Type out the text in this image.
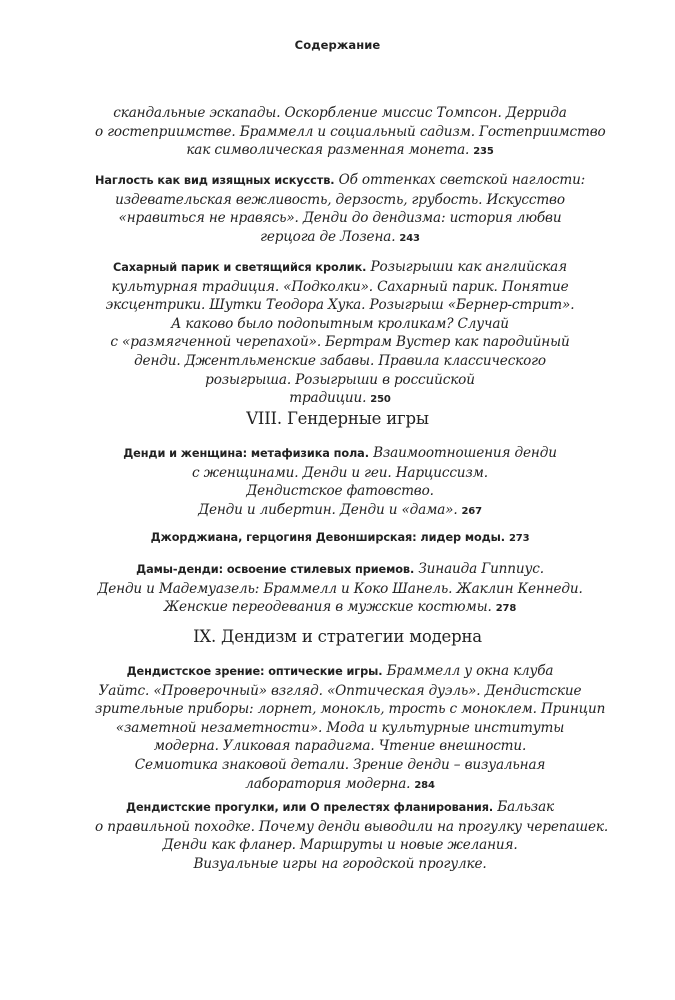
Содержание
скандальные эскапады. Оскорбление миссис Томпсон. Деррида
о гостеприимстве. Браммелл и социальный садизм. Гостеприимство
как символическая разменная монета. 235
Наглость как вид изящных искусств. Об оттенках светской наглости:
издевательская вежливость, дерзость, грубость. Искусство
«нравиться не нравясь». Денди до дендизма: история любви
герцога де Лозена. 243
Сахарный парик и светящийся кролик. Розыгрыши как английская
культурная традиция. «Подколки». Сахарный парик. Понятие
эксцентрики. Шутки Теодора Хука. Розыгрыш «Бернер-стрит».
А каково было подопытным кроликам? Случай
с «размягченной черепахой». Бертрам Вустер как пародийный
денди. Джентльменские забавы. Правила классического
розыгрыша. Розыгрыши в российской
традиции. 250
VIII. Гендерные игры
Денди и женщина: метафизика пола. Взаимоотношения денди
с женщинами. Денди и геи. Нарциссизм.
Дендистское фатовство.
Денди и либертин. Денди и «дама». 267
Джорджиана, герцогиня Девонширская: лидер моды. 273
Дамы-денди: освоение стилевых приемов. Зинаида Гиппиус.
Денди и Мадемуазель: Браммелл и Коко Шанель. Жаклин Кеннеди.
Женские переодевания в мужские костюмы. 278
IX. Дендизм и стратегии модерна
Дендистское зрение: оптические игры. Браммелл у окна клуба
Уайтс. «Проверочный» взгляд. «Оптическая дуэль». Дендистские
зрительные приборы: лорнет, монокль, трость с моноклем. Принцип
«заметной незаметности». Мода и культурные институты
модерна. Уликовая парадигма. Чтение внешности.
Семиотика знаковой детали. Зрение денди – визуальная
лаборатория модерна. 284
Дендистские прогулки, или О прелестях фланирования. Бальзак
о правильной походке. Почему денди выводили на прогулку черепашек.
Денди как фланер. Маршруты и новые желания.
Визуальные игры на городской прогулке.
